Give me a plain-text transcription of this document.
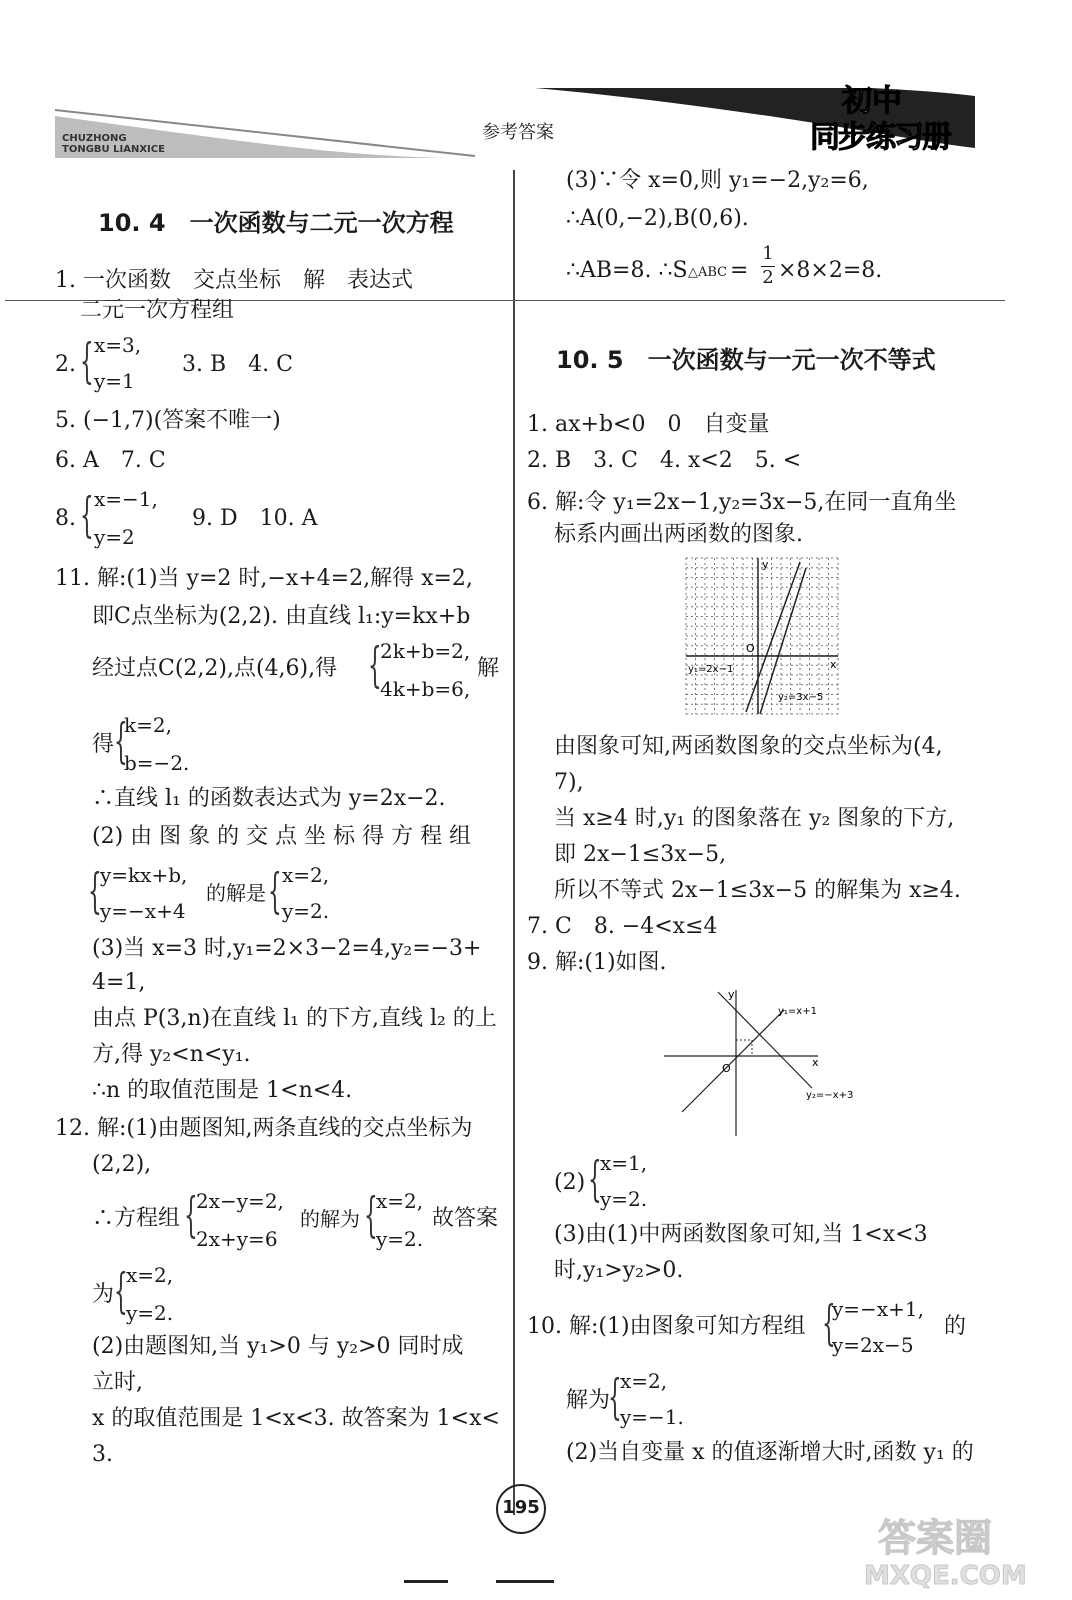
CHUZHONG
TONGBU LIANXICE
参考答案
初中
同步练习册
10. 4　一次函数与二元一次方程
1. 一次函数　交点坐标　解　表达式
二元一次方程组
2. { x=3,
y=1
3. B　4. C
5. (−1,7)(答案不唯一)
6. A　7. C
8. { x=−1,
y=2
9. D　10. A
11. 解:(1)当 y=2 时,−x+4=2,解得 x=2,
即C点坐标为(2,2). 由直线 l₁:y=kx+b
经过点C(2,2),点(4,6),得 {
2k+b=2,
4k+b=6,
解
得 {
k=2,
b=−2.
∴直线 l₁ 的函数表达式为 y=2x−2.
(2) 由 图 象 的 交 点 坐 标 得 方 程 组
{
y=kx+b,
y=−x+4
的解是 { x=2,
y=2.
(3)当 x=3 时,y₁=2×3−2=4,y₂=−3+
4=1,
由点 P(3,n)在直线 l₁ 的下方,直线 l₂ 的上
方,得 y₂<n<y₁.
∴n 的取值范围是 1<n<4.
12. 解:(1)由题图知,两条直线的交点坐标为
(2,2),
∴方程组 {
2x−y=2,
2x+y=6
的解为 {
x=2,
y=2.
故答案
为 {
x=2,
y=2.
(2)由题图知,当 y₁>0 与 y₂>0 同时成
立时,
x 的取值范围是 1<x<3. 故答案为 1<x<
3.
(3)∵令 x=0,则 y₁=−2,y₂=6,
∴A(0,−2),B(0,6).
∴AB=8. ∴S △ABC =
1
2 ×8×2=8.
10. 5　一次函数与一元一次不等式
1. ax+b<0　0　自变量
2. B　3. C　4. x<2　5. <
6. 解:令 y₁=2x−1,y₂=3x−5,在同一直角坐
标系内画出两函数的图象.
y
x
O
y₁=2x−1
y₂=3x−5
由图象可知,两函数图象的交点坐标为(4,
7),
当 x≥4 时,y₁ 的图象落在 y₂ 图象的下方,
即 2x−1≤3x−5,
所以不等式 2x−1≤3x−5 的解集为 x≥4.
7. C　8. −4<x≤4
9. 解:(1)如图.
y
x
O
y₁=x+1
y₂=−x+3
(2) {
x=1,
y=2.
(3)由(1)中两函数图象可知,当 1<x<3
时,y₁>y₂>0.
10. 解:(1)由图象可知方程组 {
y=−x+1,
y=2x−5
的
解为
{
x=2,
y=−1.
(2)当自变量 x 的值逐渐增大时,函数 y₁ 的
195
答案圈
MXQE.COM
